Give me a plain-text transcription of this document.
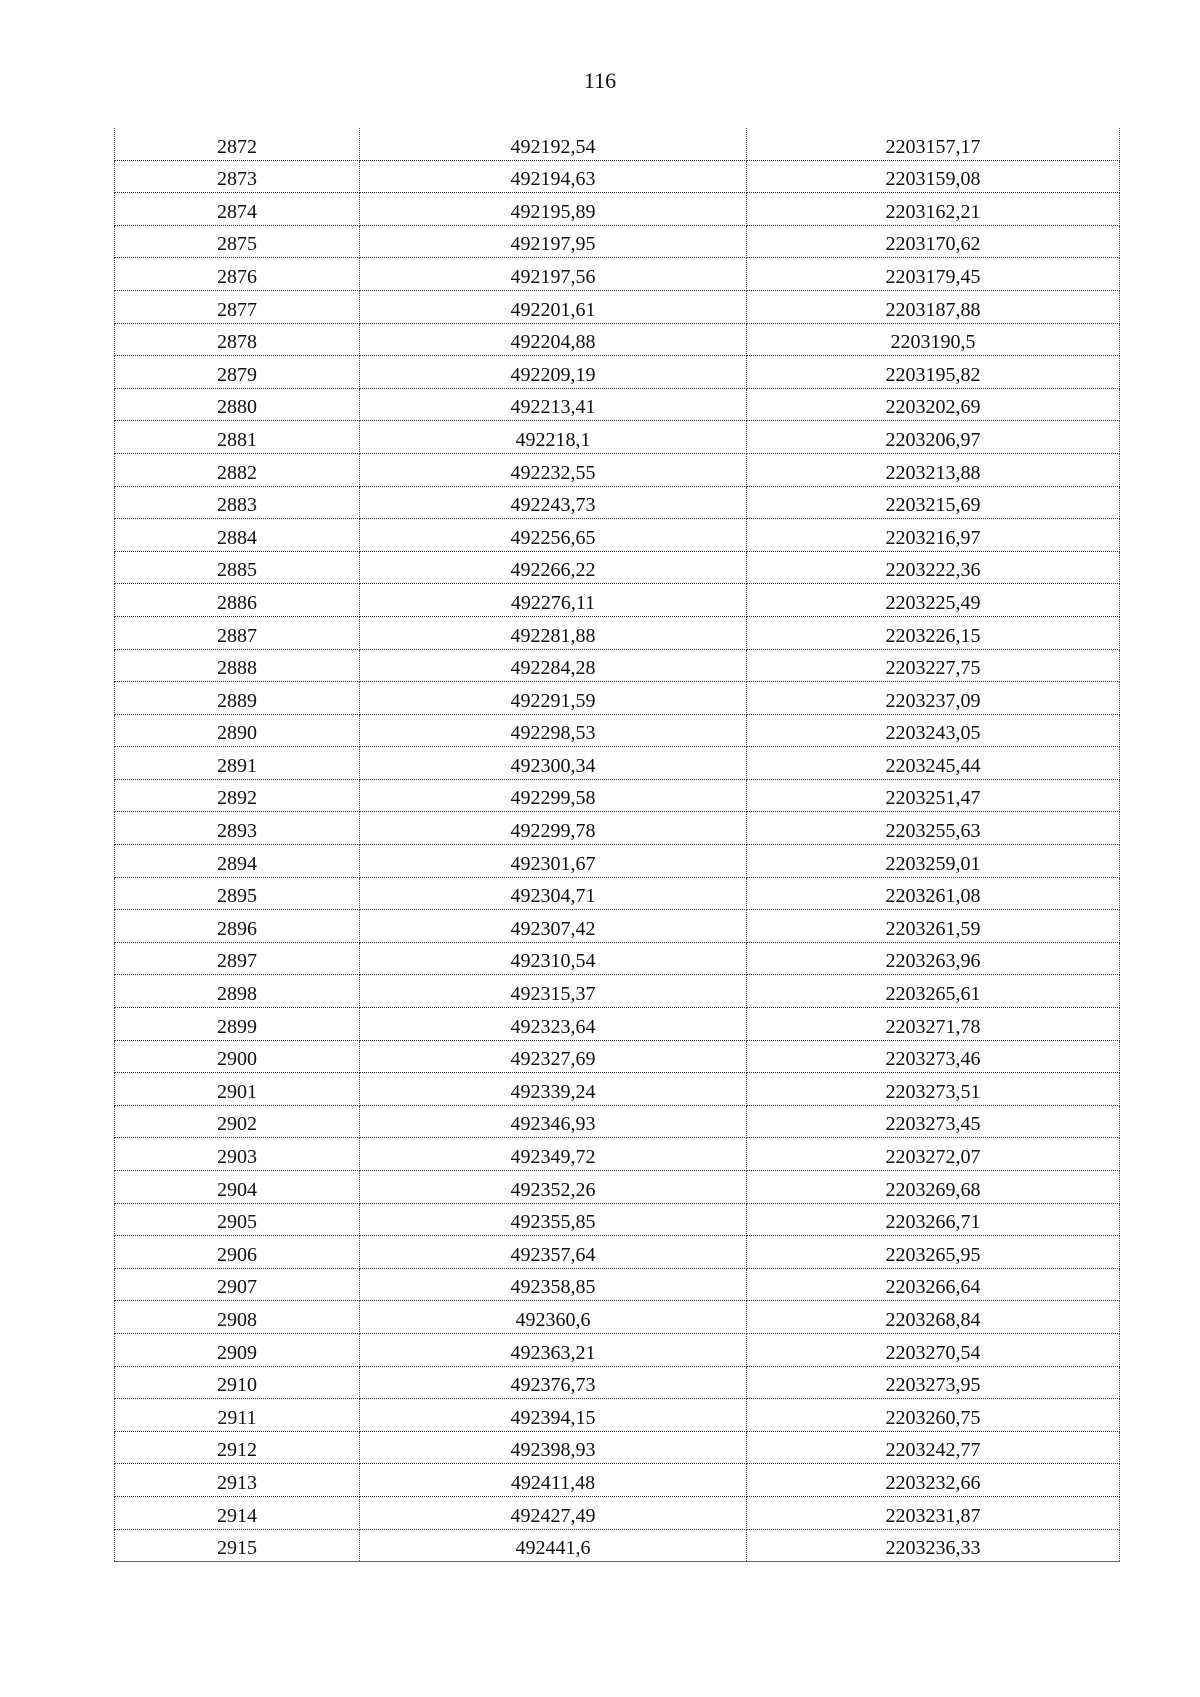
116
2872	492192,54	2203157,17
2873	492194,63	2203159,08
2874	492195,89	2203162,21
2875	492197,95	2203170,62
2876	492197,56	2203179,45
2877	492201,61	2203187,88
2878	492204,88	2203190,5
2879	492209,19	2203195,82
2880	492213,41	2203202,69
2881	492218,1	2203206,97
2882	492232,55	2203213,88
2883	492243,73	2203215,69
2884	492256,65	2203216,97
2885	492266,22	2203222,36
2886	492276,11	2203225,49
2887	492281,88	2203226,15
2888	492284,28	2203227,75
2889	492291,59	2203237,09
2890	492298,53	2203243,05
2891	492300,34	2203245,44
2892	492299,58	2203251,47
2893	492299,78	2203255,63
2894	492301,67	2203259,01
2895	492304,71	2203261,08
2896	492307,42	2203261,59
2897	492310,54	2203263,96
2898	492315,37	2203265,61
2899	492323,64	2203271,78
2900	492327,69	2203273,46
2901	492339,24	2203273,51
2902	492346,93	2203273,45
2903	492349,72	2203272,07
2904	492352,26	2203269,68
2905	492355,85	2203266,71
2906	492357,64	2203265,95
2907	492358,85	2203266,64
2908	492360,6	2203268,84
2909	492363,21	2203270,54
2910	492376,73	2203273,95
2911	492394,15	2203260,75
2912	492398,93	2203242,77
2913	492411,48	2203232,66
2914	492427,49	2203231,87
2915	492441,6	2203236,33
